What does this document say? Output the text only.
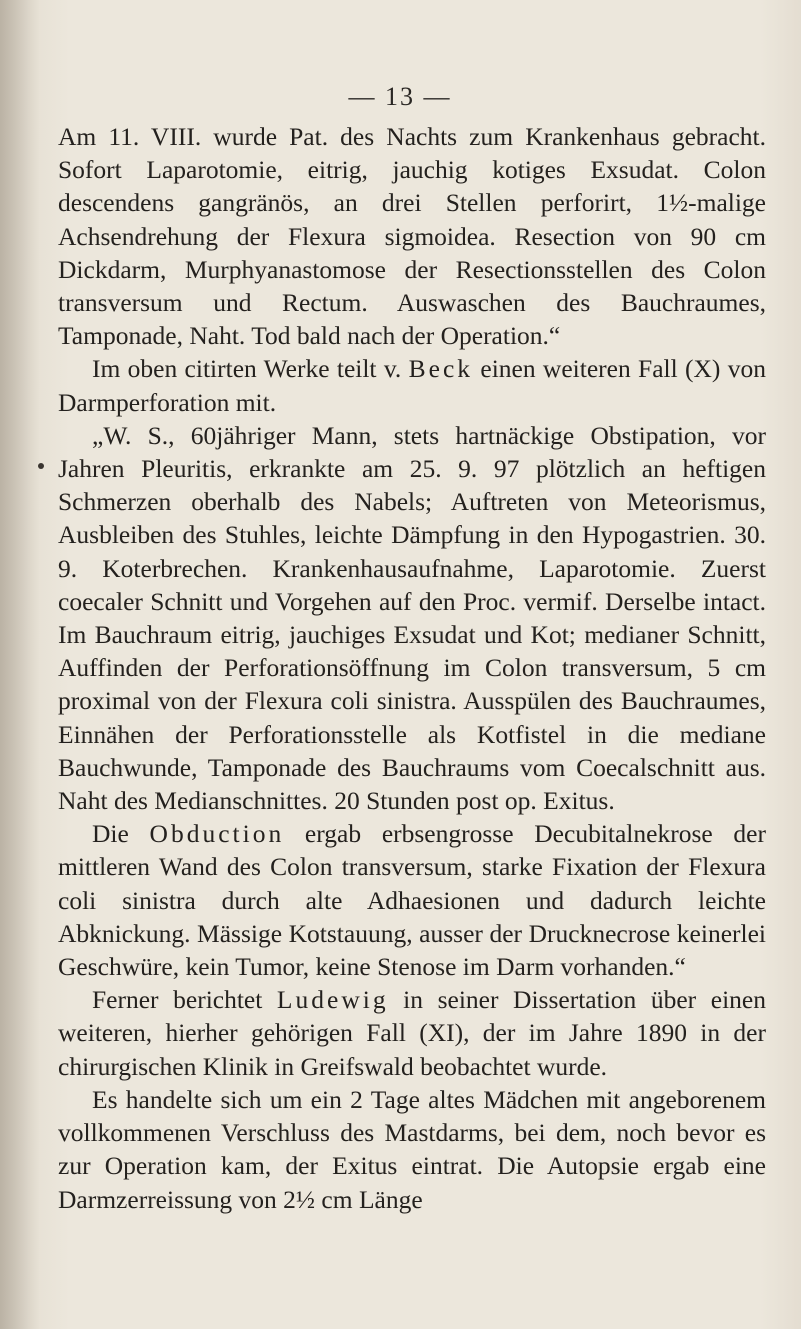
— 13 —

Am 11. VIII. wurde Pat. des Nachts zum Krankenhaus gebracht. Sofort Laparotomie, eitrig, jauchig kotiges Exsudat. Colon descendens gangränös, an drei Stellen perforirt, 1½-malige Achsendrehung der Flexura sigmoidea. Resection von 90 cm Dickdarm, Murphyanastomose der Resectionsstellen des Colon transversum und Rectum. Auswaschen des Bauchraumes, Tamponade, Naht. Tod bald nach der Operation.“

Im oben citirten Werke teilt v. Beck einen weiteren Fall (X) von Darmperforation mit.

„W. S., 60jähriger Mann, stets hartnäckige Obstipation, vor Jahren Pleuritis, erkrankte am 25. 9. 97 plötzlich an heftigen Schmerzen oberhalb des Nabels; Auftreten von Meteorismus, Ausbleiben des Stuhles, leichte Dämpfung in den Hypogastrien. 30. 9. Koterbrechen. Krankenhausaufnahme, Laparotomie. Zuerst coecaler Schnitt und Vorgehen auf den Proc. vermif. Derselbe intact. Im Bauchraum eitrig, jauchiges Exsudat und Kot; medianer Schnitt, Auffinden der Perforationsöffnung im Colon transversum, 5 cm proximal von der Flexura coli sinistra. Ausspülen des Bauchraumes, Einnähen der Perforationsstelle als Kotfistel in die mediane Bauchwunde, Tamponade des Bauchraums vom Coecalschnitt aus. Naht des Medianschnittes. 20 Stunden post op. Exitus.

Die Obduction ergab erbsengrosse Decubitalnekrose der mittleren Wand des Colon transversum, starke Fixation der Flexura coli sinistra durch alte Adhaesionen und dadurch leichte Abknickung. Mässige Kotstauung, ausser der Drucknecrose keinerlei Geschwüre, kein Tumor, keine Stenose im Darm vorhanden.“

Ferner berichtet Ludewig in seiner Dissertation über einen weiteren, hierher gehörigen Fall (XI), der im Jahre 1890 in der chirurgischen Klinik in Greifswald beobachtet wurde.

Es handelte sich um ein 2 Tage altes Mädchen mit angeborenem vollkommenen Verschluss des Mastdarms, bei dem, noch bevor es zur Operation kam, der Exitus eintrat. Die Autopsie ergab eine Darmzerreissung von 2½ cm Länge
